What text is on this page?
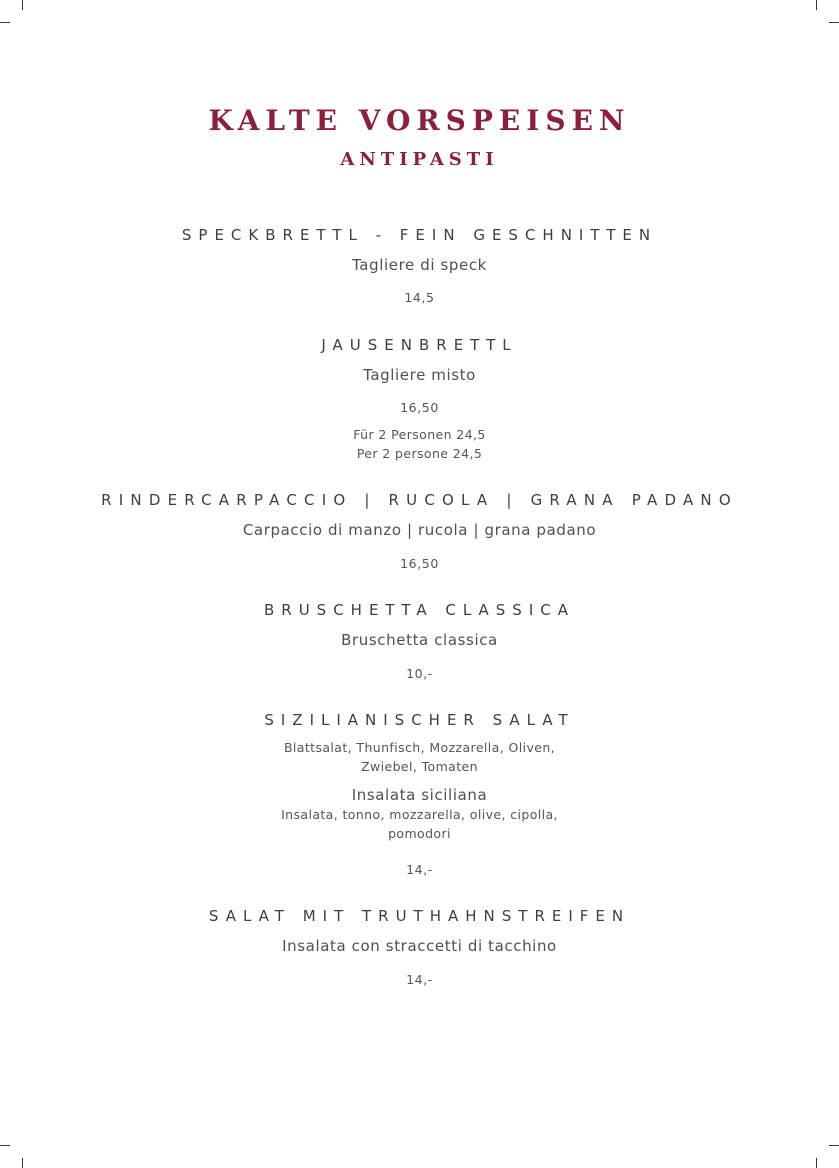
KALTE VORSPEISEN
ANTIPASTI
SPECKBRETTL - FEIN GESCHNITTEN
Tagliere di speck
14,5
JAUSENBRETTL
Tagliere misto
16,50
Für 2 Personen 24,5
Per 2 persone 24,5
RINDERCARPACCIO | RUCOLA | GRANA PADANO
Carpaccio di manzo | rucola | grana padano
16,50
BRUSCHETTA CLASSICA
Bruschetta classica
10,-
SIZILIANISCHER SALAT
Blattsalat, Thunfisch, Mozzarella, Oliven,
Zwiebel, Tomaten
Insalata siciliana
Insalata, tonno, mozzarella, olive, cipolla,
pomodori
14,-
SALAT MIT TRUTHAHNSTREIFEN
Insalata con straccetti di tacchino
14,-
